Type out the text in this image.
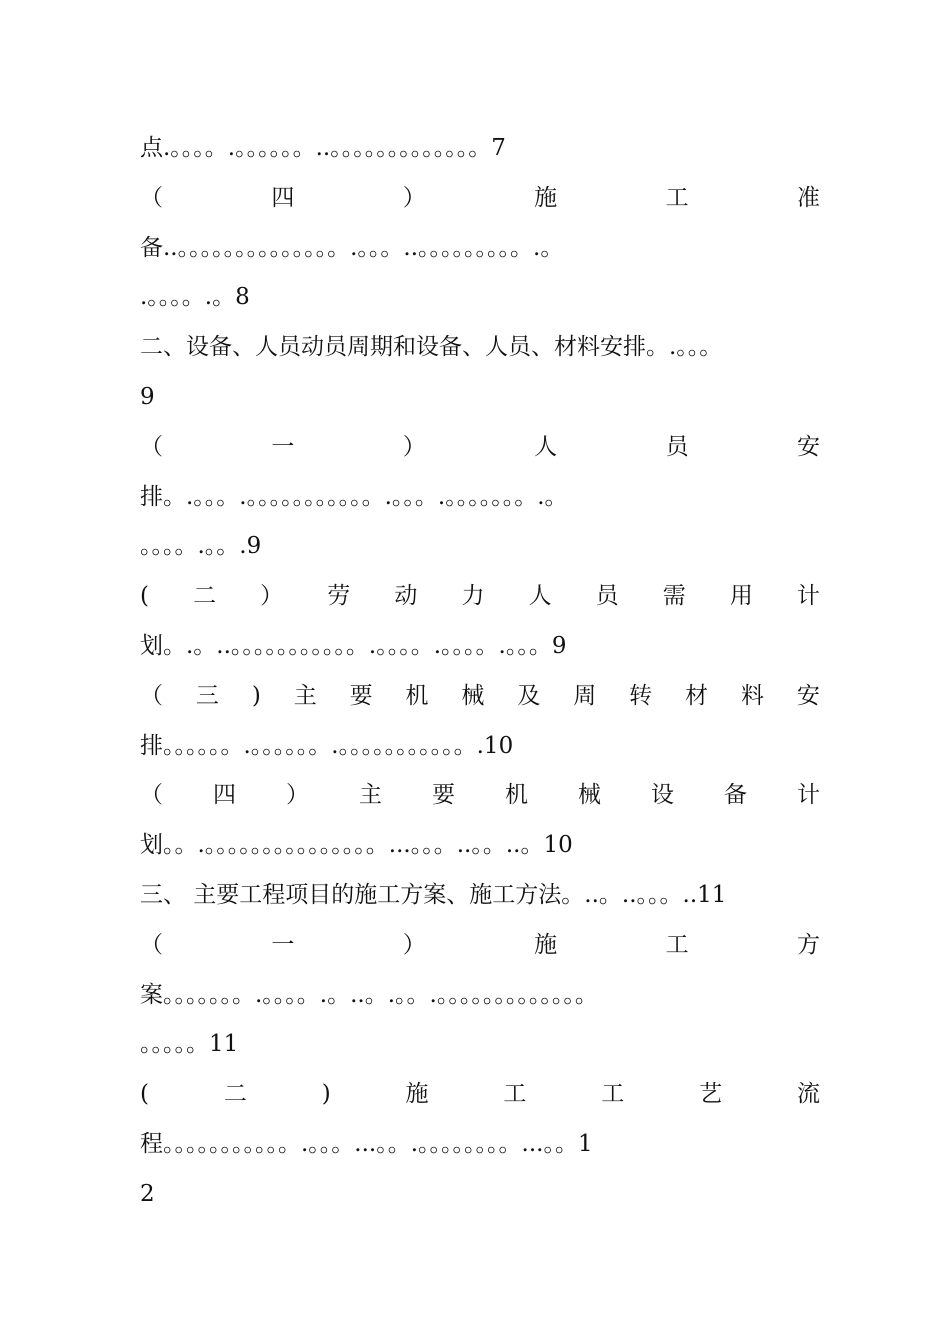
点.。。。。.。。。。。。..。。。。。。。。。。。。。7
（	四	）	施	工	准
备..。。。。。。。。。。。。。。.。。。..。。。。。。。。。.。
.。。。。.。8
二、设备、人员动员周期和设备、人员、材料安排。.。。。
9
（	一	）	人	员	安
排。.。。。.。。。。。。。。。。。.。。。.。。。。。。。.。
。。。。.。。.9
( 二 ） 劳 动 力 人 员 需 用 计
划。.。..。。。。。。。。。。。.。。。。.。。。。.。。。9
（ 三 ) 主 要 机 械 及 周 转 材 料 安
排。。。。。。.。。。。。。.。。。。。。。。。。。.10
（ 四 ） 主 要 机 械 设 备 计
划。。.。。。。。。。。。。。。。。。...。。。..。。..。10
三、 主要工程项目的施工方案、施工方法。..。..。。。..11
（	一	）	施	工	方
案。。。。。。。.。。。。.。..。.。。.。。。。。。。。。。。。。
。。。。。11
(	二	)	施	工	工	艺	流
程。。。。。。。。。。。.。。。...。。.。。。。。。。。...。。1
2
